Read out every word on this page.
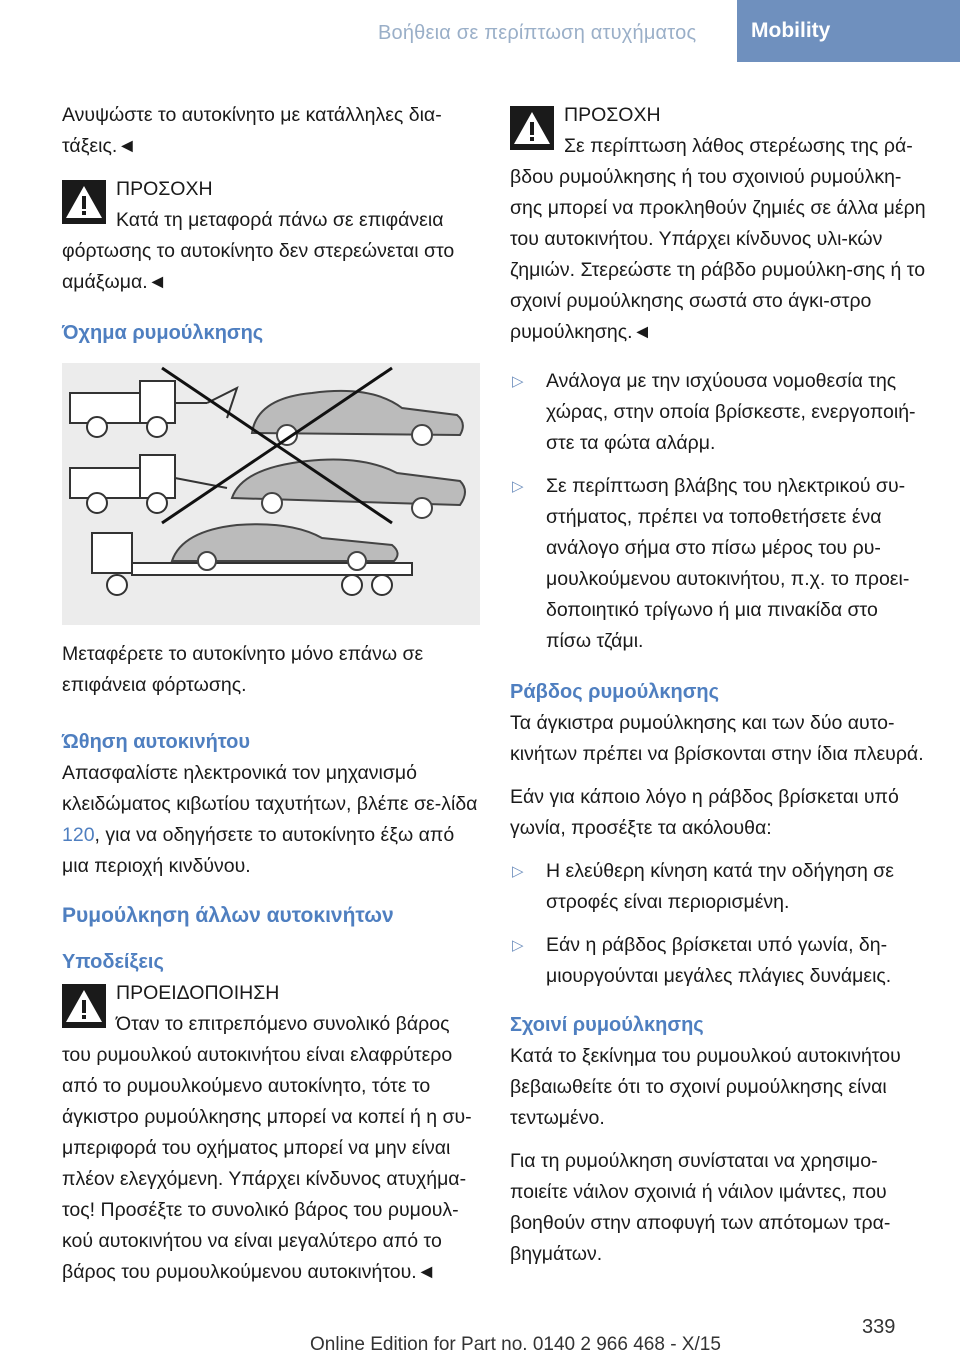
Βοήθεια σε περίπτωση ατυχήματος	Mobility

Ανυψώστε το αυτοκίνητο με κατάλληλες δια-τάξεις.◄

ΠΡΟΣΟΧΗ

Κατά τη μεταφορά πάνω σε επιφάνεια

φόρτωσης το αυτοκίνητο δεν στερεώνεται στο αμάξωμα.◄

Όχημα ρυμούλκησης

Μεταφέρετε το αυτοκίνητο μόνο επάνω σε επιφάνεια φόρτωσης.

Ώθηση αυτοκινήτου

Απασφαλίστε ηλεκτρονικά τον μηχανισμό κλειδώματος κιβωτίου ταχυτήτων, βλέπε σε-λίδα 120, για να οδηγήσετε το αυτοκίνητο έξω από μια περιοχή κινδύνου.

Ρυμούλκηση άλλων αυτοκινήτων

Υποδείξεις

ΠΡΟΕΙΔΟΠΟΙΗΣΗ

Όταν το επιτρεπόμενο συνολικό βάρος

του ρυμουλκού αυτοκινήτου είναι ελαφρύτερο από το ρυμουλκούμενο αυτοκίνητο, τότε το άγκιστρο ρυμούλκησης μπορεί να κοπεί ή η συ-μπεριφορά του οχήματος μπορεί να μην είναι πλέον ελεγχόμενη. Υπάρχει κίνδυνος ατυχήμα-τος! Προσέξτε το συνολικό βάρος του ρυμουλ-κού αυτοκινήτου να είναι μεγαλύτερο από το βάρος του ρυμουλκούμενου αυτοκινήτου.◄

ΠΡΟΣΟΧΗ

Σε περίπτωση λάθος στερέωσης της ρά-

βδου ρυμούλκησης ή του σχοινιού ρυμούλκη-σης μπορεί να προκληθούν ζημιές σε άλλα μέρη του αυτοκινήτου. Υπάρχει κίνδυνος υλι-κών ζημιών. Στερεώστε τη ράβδο ρυμούλκη-σης ή το σχοινί ρυμούλκησης σωστά στο άγκι-στρο ρυμούλκησης.◄

▷ Ανάλογα με την ισχύουσα νομοθεσία της χώρας, στην οποία βρίσκεστε, ενεργοποιή-στε τα φώτα αλάρμ.
▷ Σε περίπτωση βλάβης του ηλεκτρικού συ-στήματος, πρέπει να τοποθετήσετε ένα ανάλογο σήμα στο πίσω μέρος του ρυ-μουλκούμενου αυτοκινήτου, π.χ. το προει-δοποιητικό τρίγωνο ή μια πινακίδα στο πίσω τζάμι.

Ράβδος ρυμούλκησης

Τα άγκιστρα ρυμούλκησης και των δύο αυτο-κινήτων πρέπει να βρίσκονται στην ίδια πλευρά.

Εάν για κάποιο λόγο η ράβδος βρίσκεται υπό γωνία, προσέξτε τα ακόλουθα:

▷ Η ελεύθερη κίνηση κατά την οδήγηση σε στροφές είναι περιορισμένη.
▷ Εάν η ράβδος βρίσκεται υπό γωνία, δη-μιουργούνται μεγάλες πλάγιες δυνάμεις.

Σχοινί ρυμούλκησης

Κατά το ξεκίνημα του ρυμουλκού αυτοκινήτου βεβαιωθείτε ότι το σχοινί ρυμούλκησης είναι τεντωμένο.

Για τη ρυμούλκηση συνίσταται να χρησιμο-ποιείτε νάιλον σχοινιά ή νάιλον ιμάντες, που βοηθούν στην αποφυγή των απότομων τρα-βηγμάτων.

339
Online Edition for Part no. 0140 2 966 468 - X/15
